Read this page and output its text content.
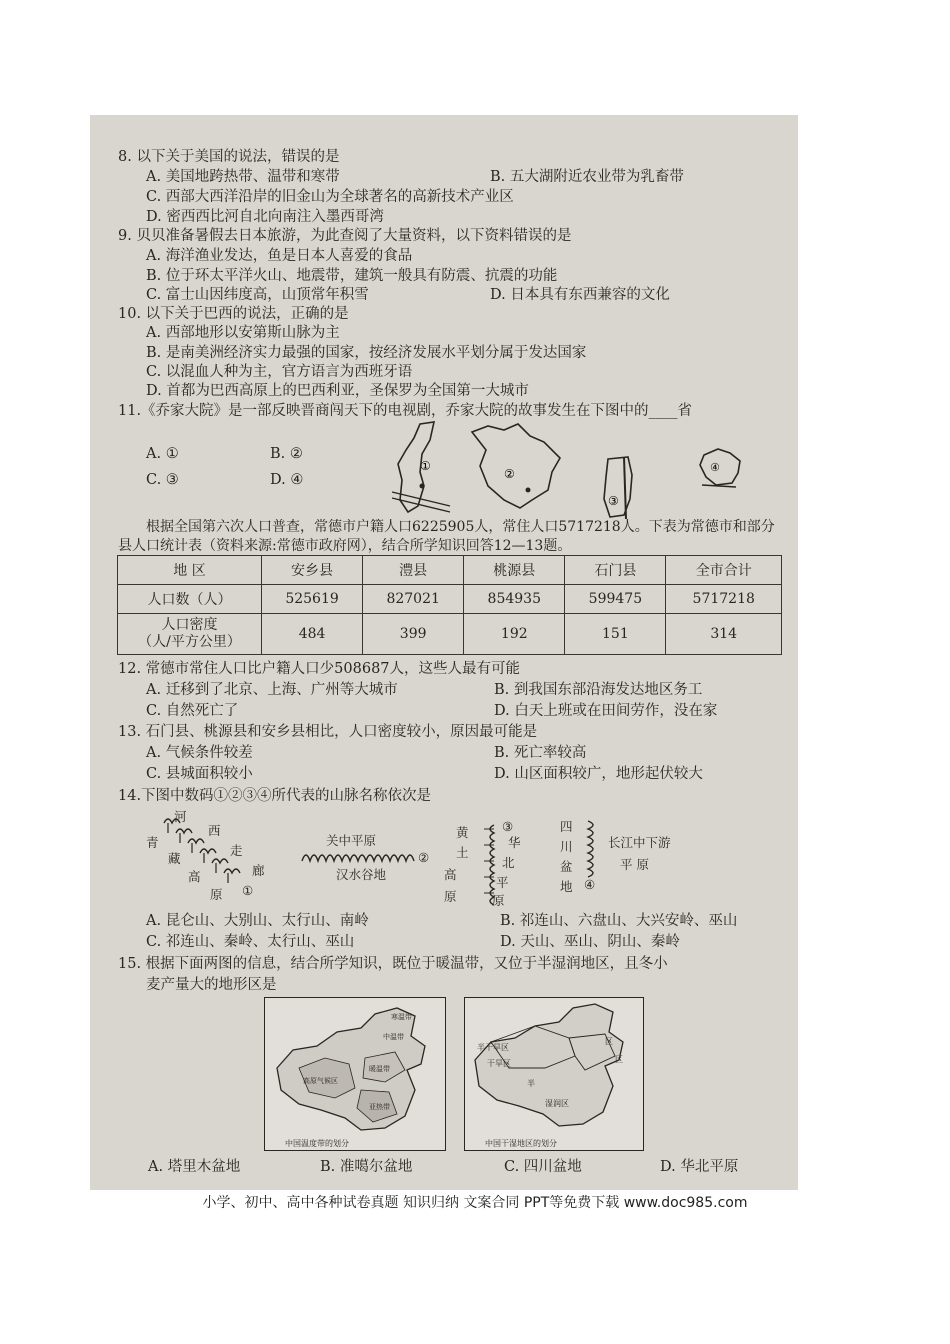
8. 以下关于美国的说法，错误的是
A. 美国地跨热带、温带和寒带	B. 五大湖附近农业带为乳畜带
C. 西部大西洋沿岸的旧金山为全球著名的高新技术产业区
D. 密西西比河自北向南注入墨西哥湾
9. 贝贝准备暑假去日本旅游，为此查阅了大量资料，以下资料错误的是
A. 海洋渔业发达，鱼是日本人喜爱的食品
B. 位于环太平洋火山、地震带，建筑一般具有防震、抗震的功能
C. 富士山因纬度高，山顶常年积雪	D. 日本具有东西兼容的文化
10. 以下关于巴西的说法，正确的是
A. 西部地形以安第斯山脉为主
B. 是南美洲经济实力最强的国家，按经济发展水平划分属于发达国家
C. 以混血人种为主，官方语言为西班牙语
D. 首都为巴西高原上的巴西利亚，圣保罗为全国第一大城市
11.《乔家大院》是一部反映晋商闯天下的电视剧，乔家大院的故事发生在下图中的____省
A. ①	B. ②
C. ③	D. ④
①
②
③
④
根据全国第六次人口普查，常德市户籍人口6225905人，常住人口5717218人。下表为常德市和部分
县人口统计表（资料来源:常德市政府网），结合所学知识回答12—13题。
地 区	安乡县	澧县	桃源县	石门县	全市合计
人口数（人）	525619	827021	854935	599475	5717218

人口密度
（人/平方公里）	484	399	192	151	314
12. 常德市常住人口比户籍人口少508687人，这些人最有可能
A. 迁移到了北京、上海、广州等大城市	B. 到我国东部沿海发达地区务工
C. 自然死亡了	D. 白天上班或在田间劳作，没在家
13. 石门县、桃源县和安乡县相比，人口密度较小，原因最可能是
A. 气候条件较差	B. 死亡率较高
C. 县城面积较小	D. 山区面积较广，地形起伏较大
14.下图中数码①②③④所代表的山脉名称依次是
河
西
青
走
藏
廊
高
原 ①
关中平原
汉水谷地
②
黄
土
高
原
③
华
北
平
原
四
川
盆
地 ④
长江中下游
平 原
A. 昆仑山、大别山、太行山、南岭	B. 祁连山、六盘山、大兴安岭、巫山
C. 祁连山、秦岭、太行山、巫山	D. 天山、巫山、阴山、秦岭
15. 根据下面两图的信息，结合所学知识，既位于暖温带，又位于半湿润地区，且冬小
麦产量大的地形区是
高原气候区
暖温带
亚热带
中温带
寒温带
中国温度带的划分
半干旱区
干旱区
湿润区
半
区
区
中国干湿地区的划分
A. 塔里木盆地	B. 准噶尔盆地	C. 四川盆地	D. 华北平原
小学、初中、高中各种试卷真题 知识归纳 文案合同 PPT等免费下载 www.doc985.com
